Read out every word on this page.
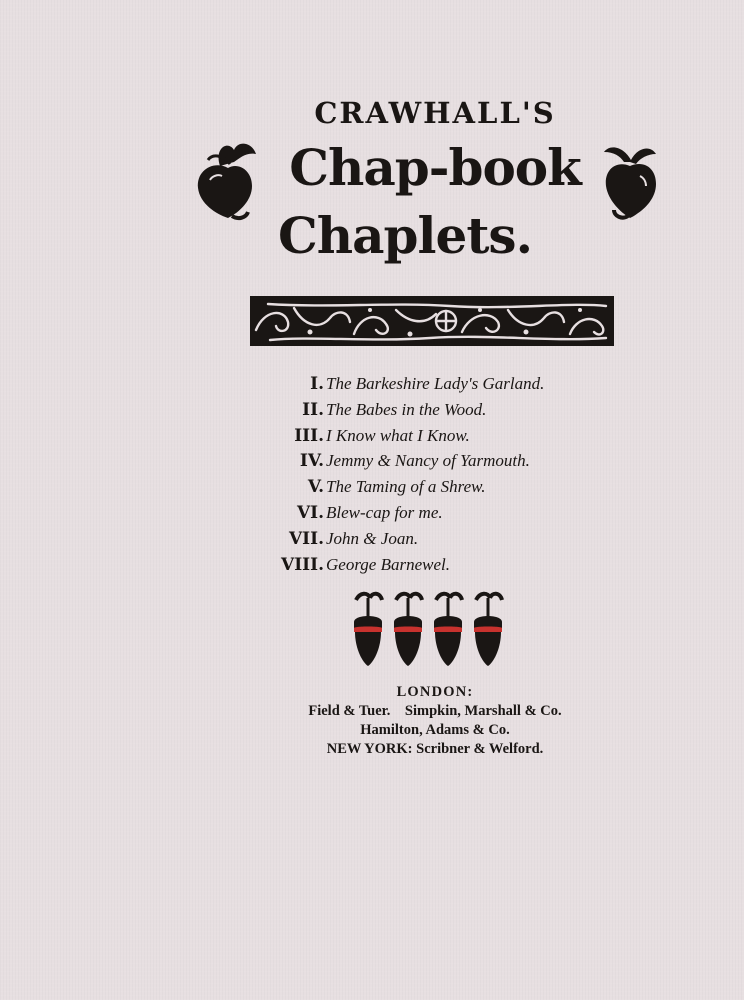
CRAWHALL'S
Chap-book
Chaplets.
I. The Barkeshire Lady's Garland.
II. The Babes in the Wood.
III. I Know what I Know.
IV. Jemmy & Nancy of Yarmouth.
V. The Taming of a Shrew.
VI. Blew-cap for me.
VII. John & Joan.
VIII. George Barnewel.
LONDON:
Field & Tuer.    Simpkin, Marshall & Co.
Hamilton, Adams & Co.
NEW YORK: Scribner & Welford.
